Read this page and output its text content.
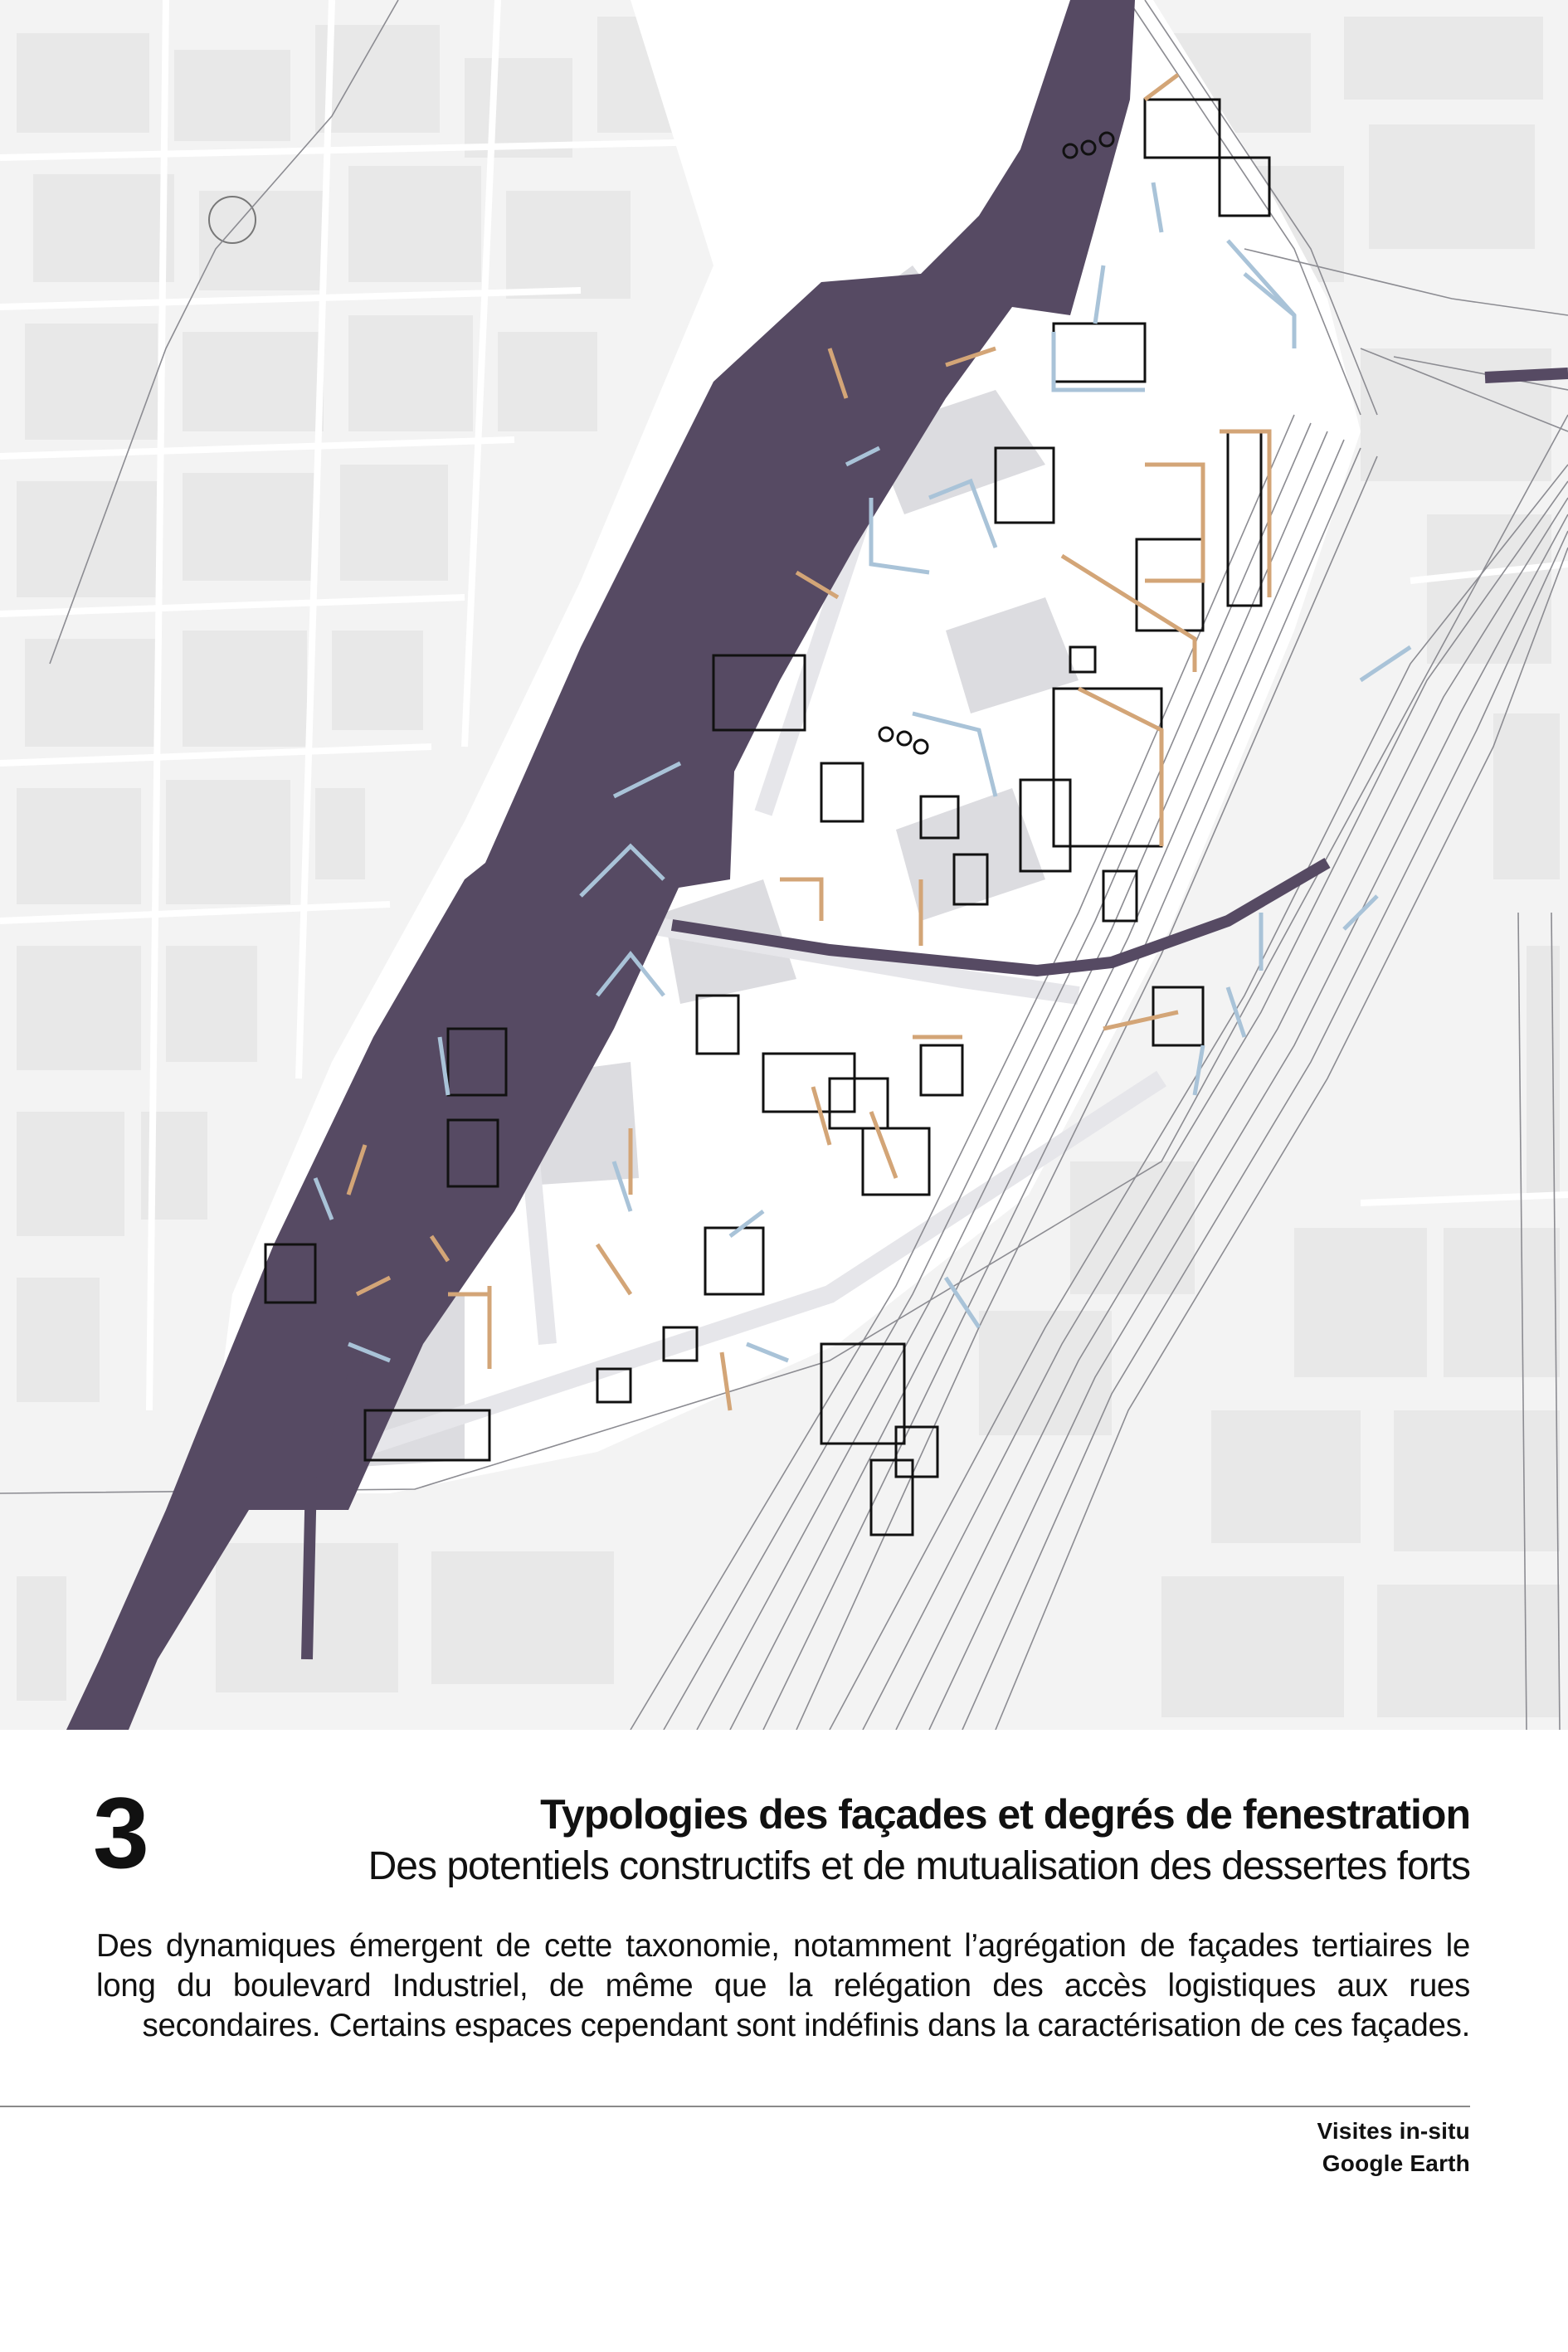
3	Typologies des façades et degrés de fenestration
Des potentiels constructifs et de mutualisation des dessertes forts
Des dynamiques émergent de cette taxonomie, notamment l’agrégation de façades tertiaires le long du boulevard Industriel, de même que la relégation des accès logistiques aux rues secondaires. Certains espaces cependant sont indéfinis dans la caractérisation de ces façades.
Visites in-situ
Google Earth
